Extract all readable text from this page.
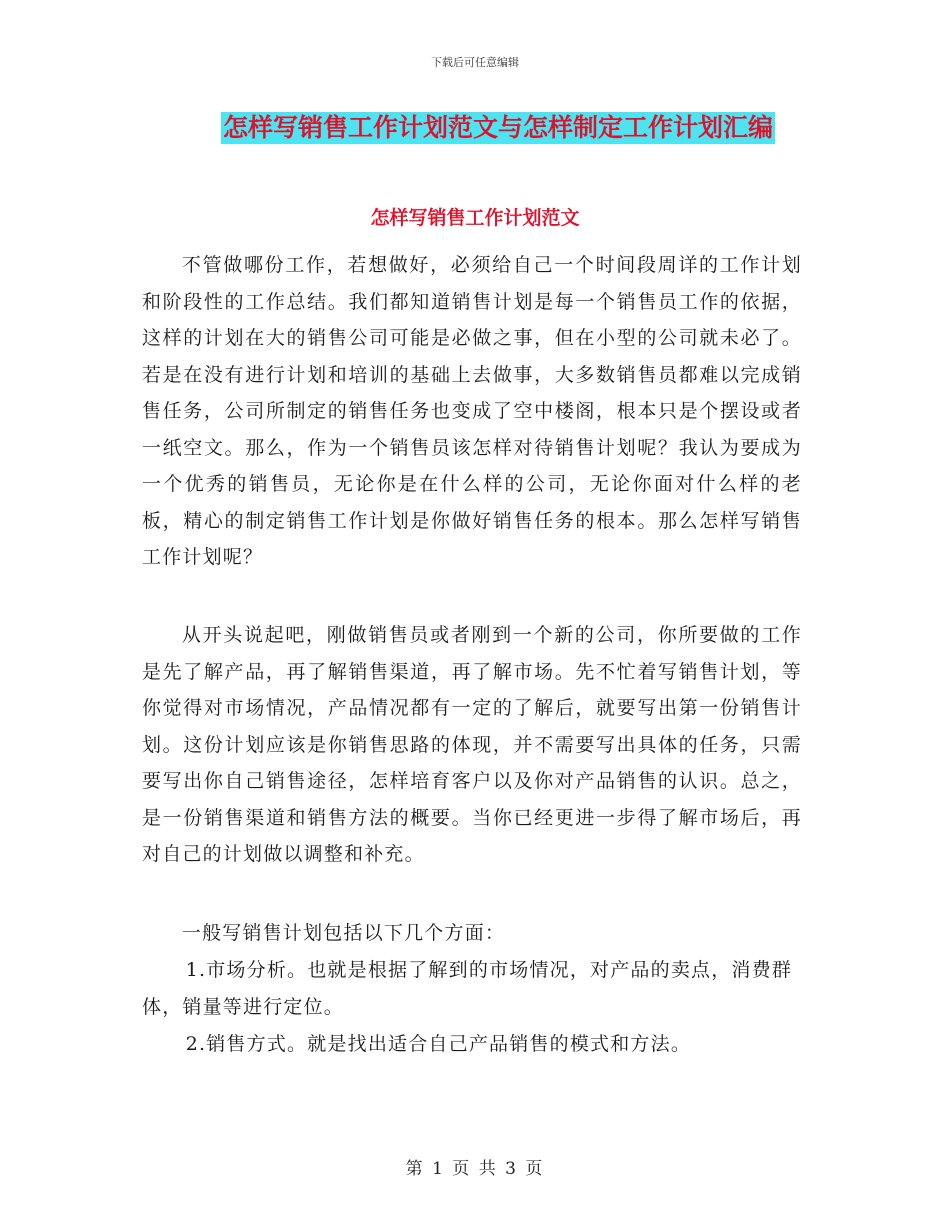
下载后可任意编辑
怎样写销售工作计划范文与怎样制定工作计划汇编
怎样写销售工作计划范文

不管做哪份工作，若想做好，必须给自己一个时间段周详的工作计划和阶段性的工作总结。我们都知道销售计划是每一个销售员工作的依据，这样的计划在大的销售公司可能是必做之事，但在小型的公司就未必了。若是在没有进行计划和培训的基础上去做事，大多数销售员都难以完成销售任务，公司所制定的销售任务也变成了空中楼阁，根本只是个摆设或者一纸空文。那么，作为一个销售员该怎样对待销售计划呢？我认为要成为一个优秀的销售员，无论你是在什么样的公司，无论你面对什么样的老板，精心的制定销售工作计划是你做好销售任务的根本。那么怎样写销售工作计划呢？

从开头说起吧，刚做销售员或者刚到一个新的公司，你所要做的工作是先了解产品，再了解销售渠道，再了解市场。先不忙着写销售计划，等你觉得对市场情况，产品情况都有一定的了解后，就要写出第一份销售计划。这份计划应该是你销售思路的体现，并不需要写出具体的任务，只需要写出你自己销售途径，怎样培育客户以及你对产品销售的认识。总之，是一份销售渠道和销售方法的概要。当你已经更进一步得了解市场后，再对自己的计划做以调整和补充。

一般写销售计划包括以下几个方面：

1.市场分析。也就是根据了解到的市场情况，对产品的卖点，消费群体，销量等进行定位。

2.销售方式。就是找出适合自己产品销售的模式和方法。

第 1 页 共 3 页
